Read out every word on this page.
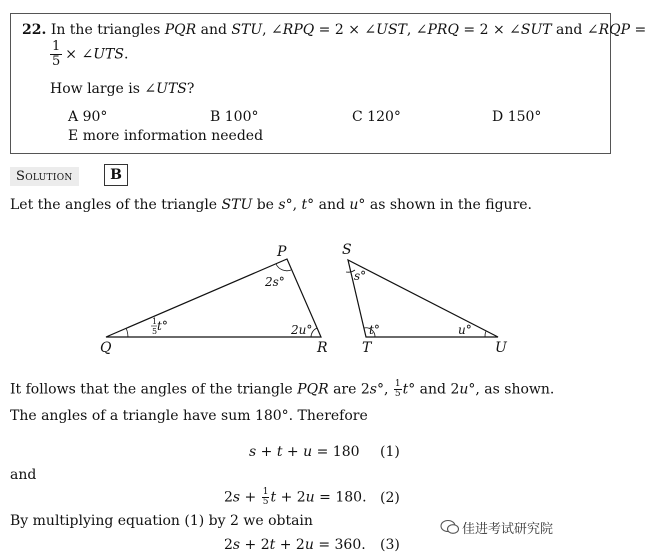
22. In the triangles PQR and STU, ∠RPQ = 2 × ∠UST, ∠PRQ = 2 × ∠SUT and ∠RQP =
$\frac{1}{5}$ × ∠UTS.
How large is ∠UTS?
A 90°	B 100°	C 120°	D 150°
E more information needed
Solution	B
Let the angles of the triangle STU be s°, t° and u° as shown in the figure.
P
Q	R
S
T	U
2s°
2u°
t°
s°
t°	u°
1
5
It follows that the angles of the triangle PQR are 2s°, $\frac{1}{5} t^\circ$ and 2u°, as shown.
The angles of a triangle have sum 180°. Therefore
s + t + u = 180 (1)
and
$2s + \frac{1}{5}$ t + 2u = 180. (2)
By multiplying equation (1) by 2 we obtain
2s + 2t + 2u = 360. (3)
佳进考试研究院
